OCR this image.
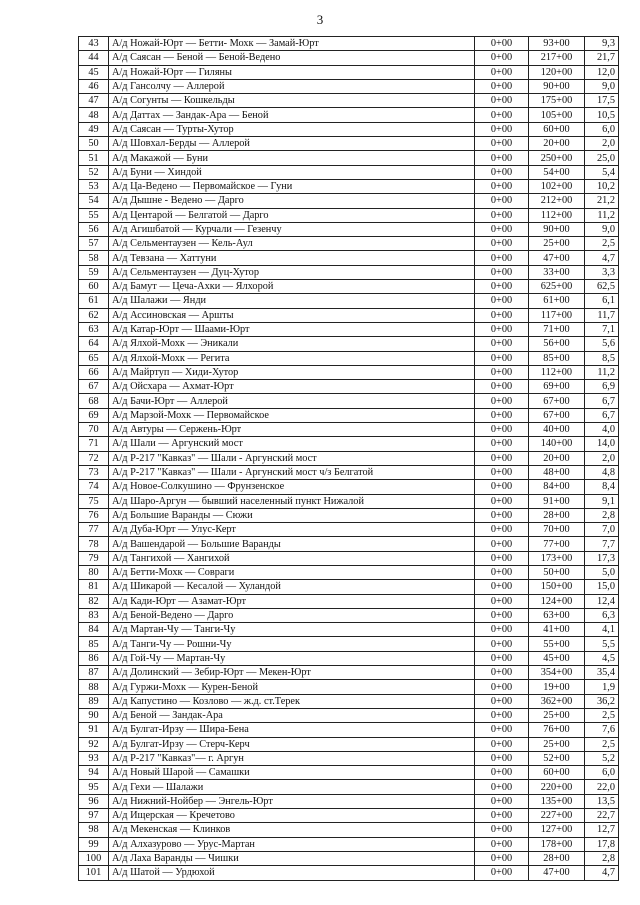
3
43	А/д Ножай-Юрт — Бетти- Мохк — Замай-Юрт	0+00	93+00	9,3
44	А/д Саясан — Беной — Беной-Ведено	0+00	217+00	21,7
45	А/д Ножай-Юрт — Гиляны	0+00	120+00	12,0
46	А/д Гансолчу — Аллерой	0+00	90+00	9,0
47	А/д Согунты — Кошкельды	0+00	175+00	17,5
48	А/д Даттах — Зандак-Ара — Беной	0+00	105+00	10,5
49	А/д Саясан — Турты-Хутор	0+00	60+00	6,0
50	А/д Шовхал-Берды — Аллерой	0+00	20+00	2,0
51	А/д Макажой — Буни	0+00	250+00	25,0
52	А/д Буни — Хиндой	0+00	54+00	5,4
53	А/д Ца-Ведено — Первомайское — Гуни	0+00	102+00	10,2
54	А/д Дышне - Ведено — Дарго	0+00	212+00	21,2
55	А/д Центарой — Белгатой — Дарго	0+00	112+00	11,2
56	А/д Агишбатой — Курчали — Гезенчу	0+00	90+00	9,0
57	А/д Сельментаузен — Кель-Аул	0+00	25+00	2,5
58	А/д Тевзана — Хаттуни	0+00	47+00	4,7
59	А/д Сельментаузен — Дуц-Хутор	0+00	33+00	3,3
60	А/д Бамут — Цеча-Ахки — Ялхорой	0+00	625+00	62,5
61	А/д Шалажи — Янди	0+00	61+00	6,1
62	А/д Ассиновская — Аршты	0+00	117+00	11,7
63	А/д Катар-Юрт — Шаами-Юрт	0+00	71+00	7,1
64	А/д Ялхой-Мохк — Эникали	0+00	56+00	5,6
65	А/д Ялхой-Мохк — Регита	0+00	85+00	8,5
66	А/д Майртуп — Хиди-Хутор	0+00	112+00	11,2
67	А/д Ойсхара — Ахмат-Юрт	0+00	69+00	6,9
68	А/д Бачи-Юрт — Аллерой	0+00	67+00	6,7
69	А/д Марзой-Мохк — Первомайское	0+00	67+00	6,7
70	А/д Автуры — Сержень-Юрт	0+00	40+00	4,0
71	А/д Шали — Аргунский мост	0+00	140+00	14,0
72	А/д Р-217 "Кавказ" — Шали - Аргунский мост	0+00	20+00	2,0
73	А/д Р-217 "Кавказ" — Шали - Аргунский мост ч/з Белгатой	0+00	48+00	4,8
74	А/д Новое-Солкушино — Фрунзенское	0+00	84+00	8,4
75	А/д Шаро-Аргун — бывший населенный пункт Нижалой	0+00	91+00	9,1
76	А/д Большие Варанды — Сюжи	0+00	28+00	2,8
77	А/д Дуба-Юрт — Улус-Керт	0+00	70+00	7,0
78	А/д Вашендарой — Большие Варанды	0+00	77+00	7,7
79	А/д Тангихой — Хангихой	0+00	173+00	17,3
80	А/д Бетти-Мохк — Совраги	0+00	50+00	5,0
81	А/д Шикарой — Кесалой — Хуландой	0+00	150+00	15,0
82	А/д Кади-Юрт — Азамат-Юрт	0+00	124+00	12,4
83	А/д Беной-Ведено — Дарго	0+00	63+00	6,3
84	А/д Мартан-Чу — Танги-Чу	0+00	41+00	4,1
85	А/д Танги-Чу — Рошни-Чу	0+00	55+00	5,5
86	А/д Гой-Чу — Мартан-Чу	0+00	45+00	4,5
87	А/д Долинский — Зебир-Юрт — Мекен-Юрт	0+00	354+00	35,4
88	А/д Гуржи-Мохк — Курен-Беной	0+00	19+00	1,9
89	А/д Капустино — Козлово — ж.д. ст.Терек	0+00	362+00	36,2
90	А/д Беной — Зандак-Ара	0+00	25+00	2,5
91	А/д Булгат-Ирзу — Шира-Бена	0+00	76+00	7,6
92	А/д Булгат-Ирзу — Стерч-Керч	0+00	25+00	2,5
93	А/д Р-217 "Кавказ"— г. Аргун	0+00	52+00	5,2
94	А/д Новый Шарой — Самашки	0+00	60+00	6,0
95	А/д Гехи — Шалажи	0+00	220+00	22,0
96	А/д Нижний-Нойбер — Энгель-Юрт	0+00	135+00	13,5
97	А/д Ищерская — Кречетово	0+00	227+00	22,7
98	А/д Мекенская — Клинков	0+00	127+00	12,7
99	А/д Алхазурово — Урус-Мартан	0+00	178+00	17,8
100	А/д Лаха Варанды — Чишки	0+00	28+00	2,8
101	А/д Шатой — Урдюхой	0+00	47+00	4,7
